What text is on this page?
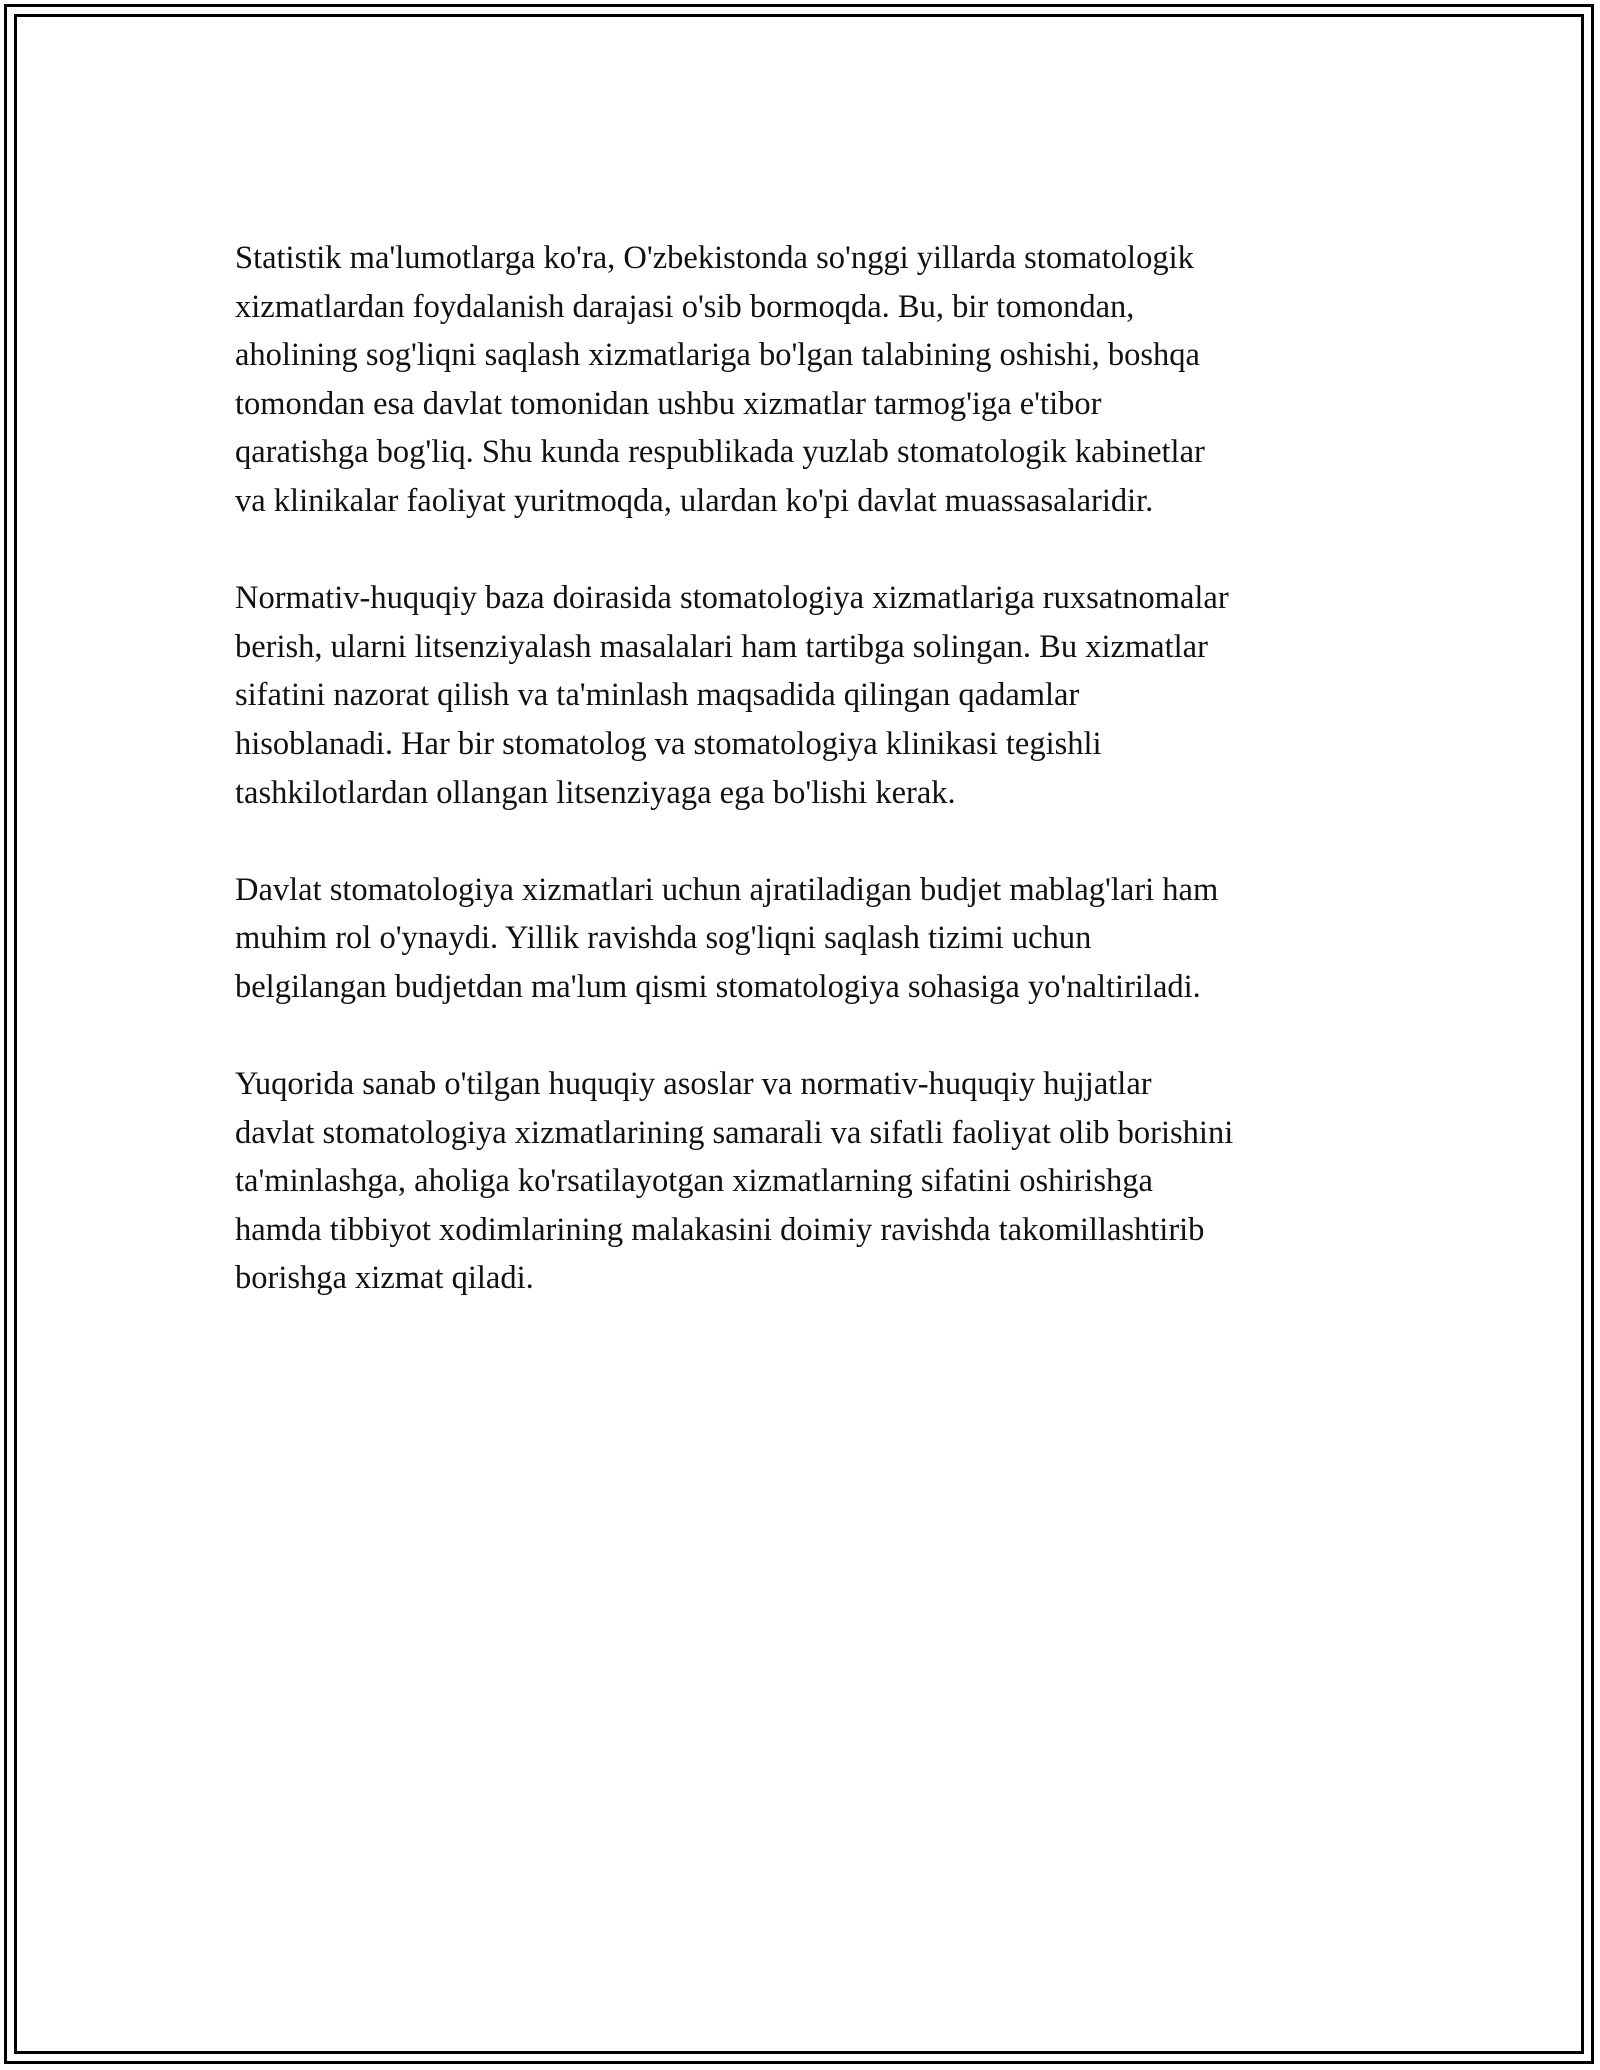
Statistik ma'lumotlarga ko'ra, O'zbekistonda so'nggi yillarda stomatologik
xizmatlardan foydalanish darajasi o'sib bormoqda. Bu, bir tomondan,
aholining sog'liqni saqlash xizmatlariga bo'lgan talabining oshishi, boshqa
tomondan esa davlat tomonidan ushbu xizmatlar tarmog'iga e'tibor
qaratishga bog'liq. Shu kunda respublikada yuzlab stomatologik kabinetlar
va klinikalar faoliyat yuritmoqda, ulardan ko'pi davlat muassasalaridir.

Normativ-huquqiy baza doirasida stomatologiya xizmatlariga ruxsatnomalar
berish, ularni litsenziyalash masalalari ham tartibga solingan. Bu xizmatlar
sifatini nazorat qilish va ta'minlash maqsadida qilingan qadamlar
hisoblanadi. Har bir stomatolog va stomatologiya klinikasi tegishli
tashkilotlardan ollangan litsenziyaga ega bo'lishi kerak.

Davlat stomatologiya xizmatlari uchun ajratiladigan budjet mablag'lari ham
muhim rol o'ynaydi. Yillik ravishda sog'liqni saqlash tizimi uchun
belgilangan budjetdan ma'lum qismi stomatologiya sohasiga yo'naltiriladi.

Yuqorida sanab o'tilgan huquqiy asoslar va normativ-huquqiy hujjatlar
davlat stomatologiya xizmatlarining samarali va sifatli faoliyat olib borishini
ta'minlashga, aholiga ko'rsatilayotgan xizmatlarning sifatini oshirishga
hamda tibbiyot xodimlarining malakasini doimiy ravishda takomillashtirib
borishga xizmat qiladi.
